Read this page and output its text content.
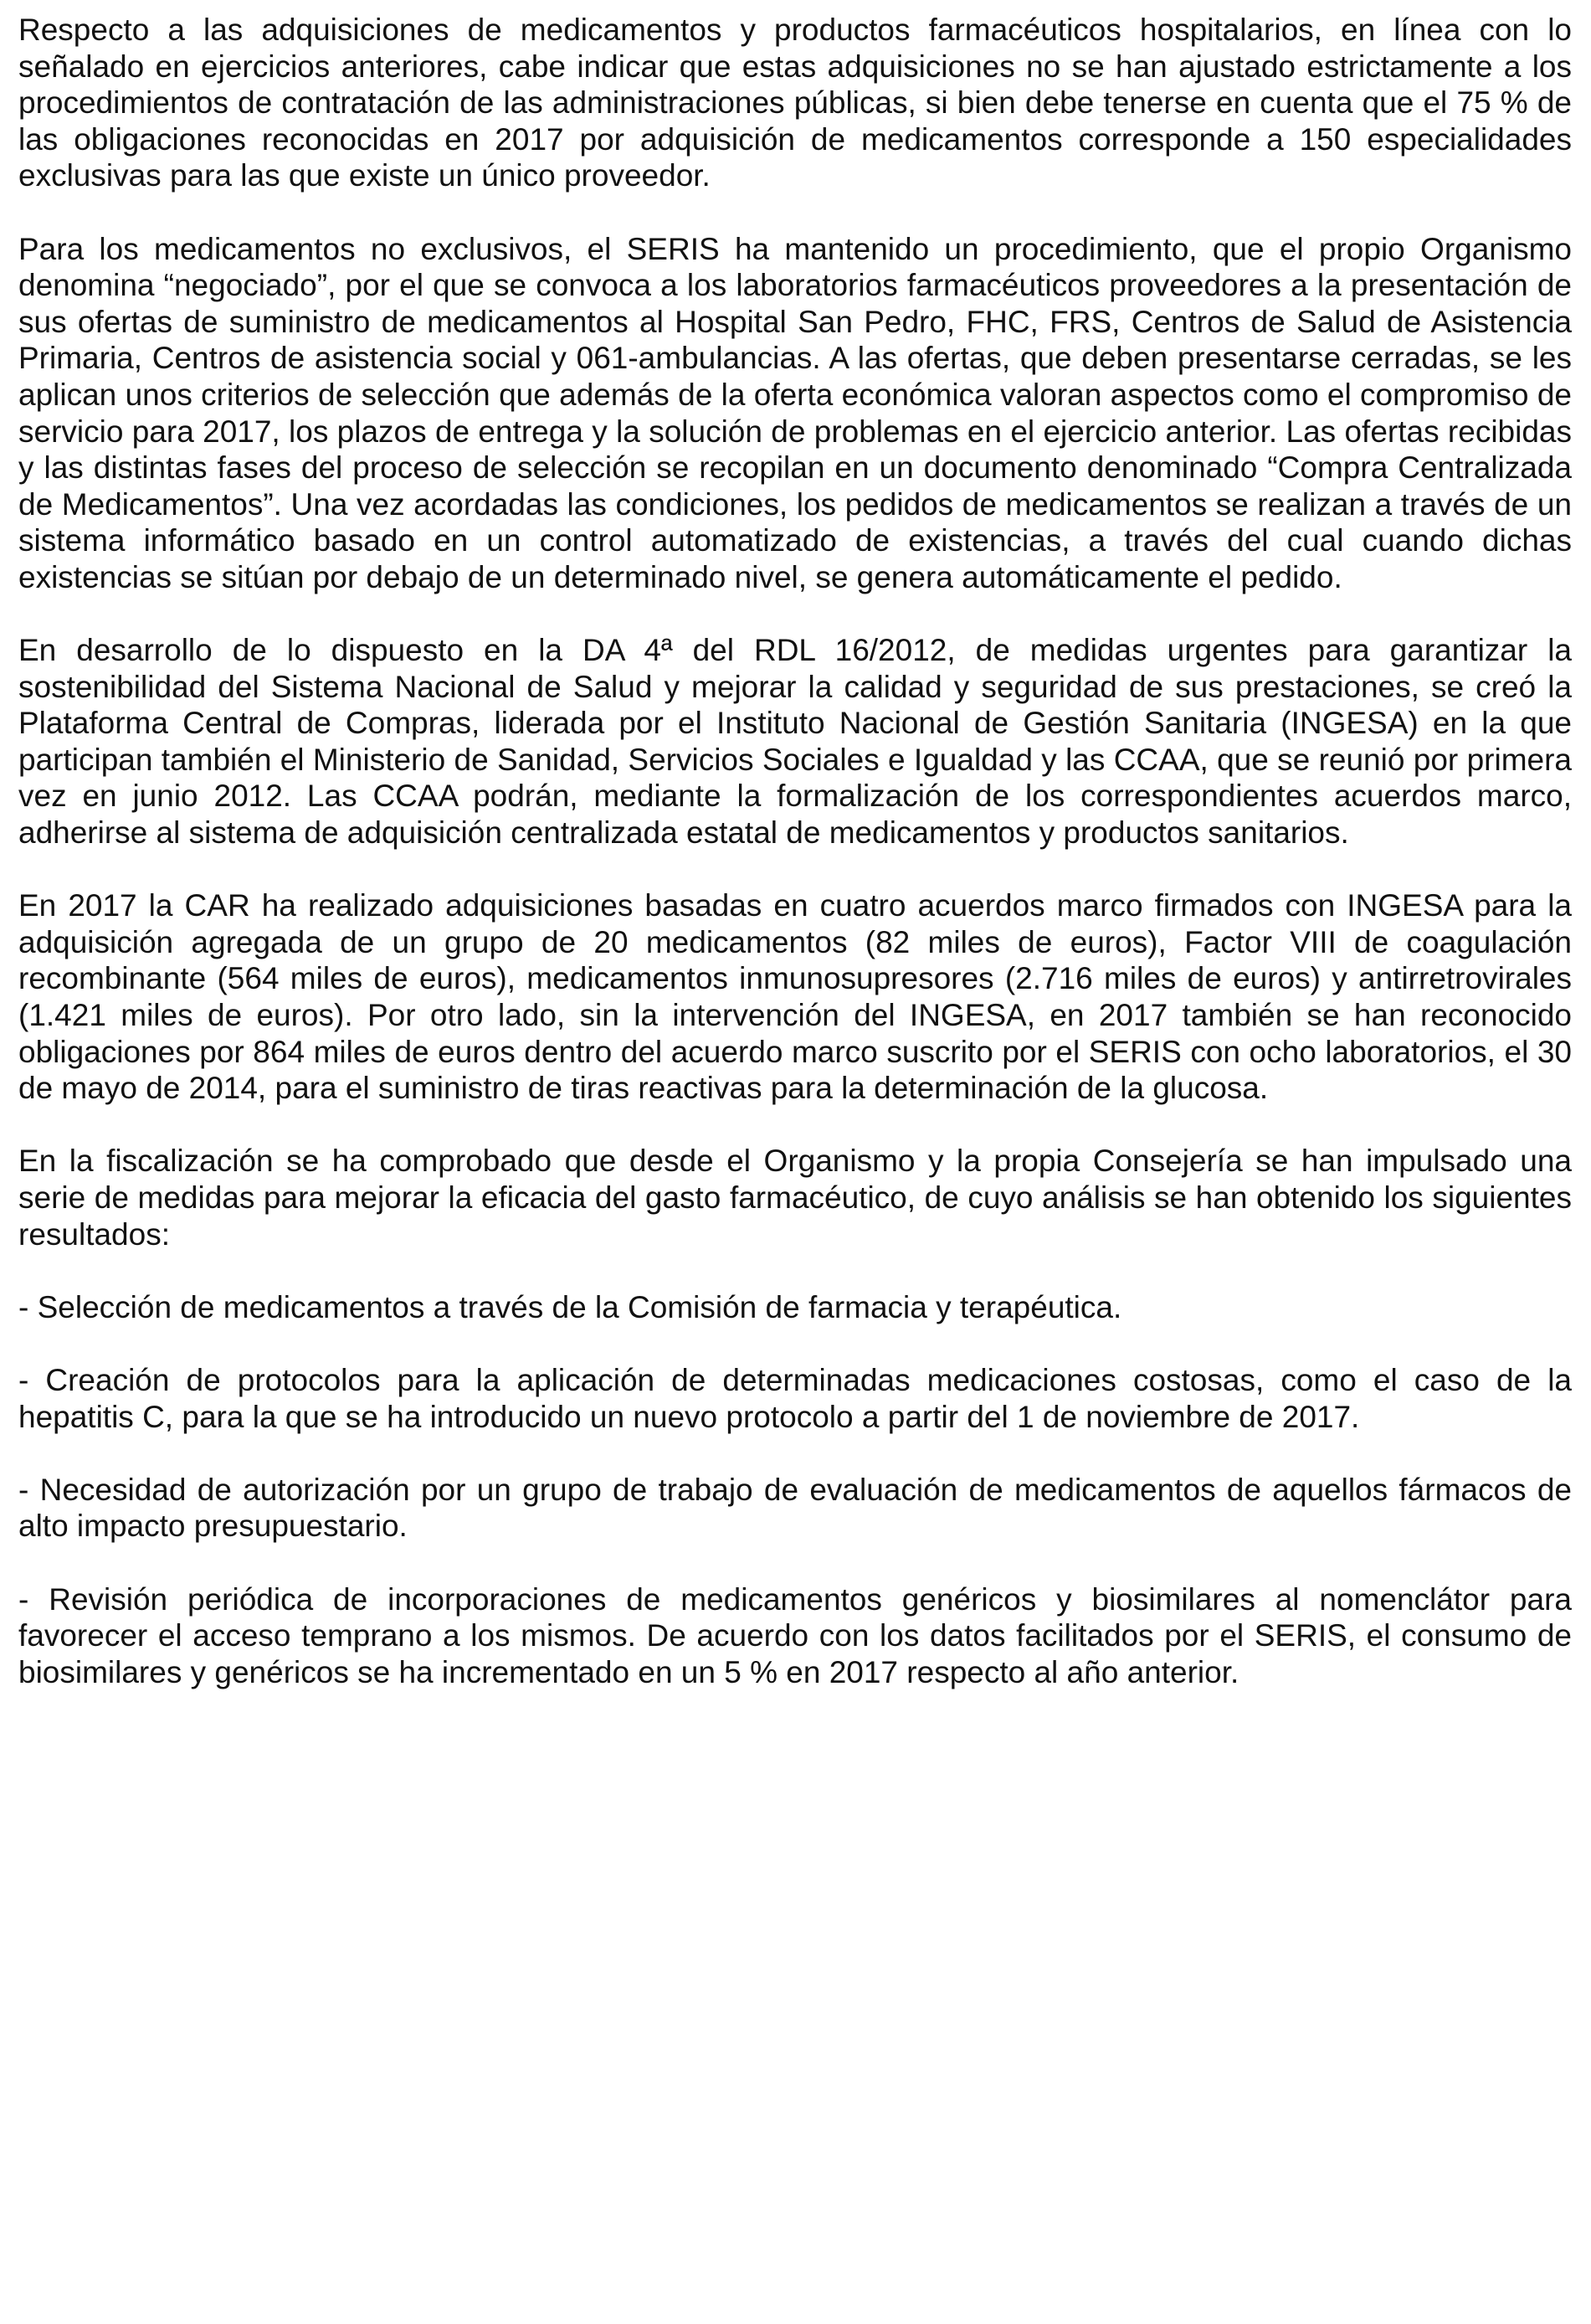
Respecto a las adquisiciones de medicamentos y productos farmacéuticos hospitalarios, en línea con lo señalado en ejercicios anteriores, cabe indicar que estas adquisiciones no se han ajustado estrictamente a los procedimientos de contratación de las administraciones públicas, si bien debe tenerse en cuenta que el 75 % de las obligaciones reconocidas en 2017 por adquisición de medicamentos corresponde a 150 especialidades exclusivas para las que existe un único proveedor.

Para los medicamentos no exclusivos, el SERIS ha mantenido un procedimiento, que el propio Organismo denomina “negociado”, por el que se convoca a los laboratorios farmacéuticos proveedores a la presentación de sus ofertas de suministro de medicamentos al Hospital San Pedro, FHC, FRS, Centros de Salud de Asistencia Primaria, Centros de asistencia social y 061-ambulancias. A las ofertas, que deben presentarse cerradas, se les aplican unos criterios de selección que además de la oferta económica valoran aspectos como el compromiso de servicio para 2017, los plazos de entrega y la solución de problemas en el ejercicio anterior. Las ofertas recibidas y las distintas fases del proceso de selección se recopilan en un documento denominado “Compra Centralizada de Medicamentos”. Una vez acordadas las condiciones, los pedidos de medicamentos se realizan a través de un sistema informático basado en un control automatizado de existencias, a través del cual cuando dichas existencias se sitúan por debajo de un determinado nivel, se genera automáticamente el pedido.

En desarrollo de lo dispuesto en la DA 4ª del RDL 16/2012, de medidas urgentes para garantizar la sostenibilidad del Sistema Nacional de Salud y mejorar la calidad y seguridad de sus prestaciones, se creó la Plataforma Central de Compras, liderada por el Instituto Nacional de Gestión Sanitaria (INGESA) en la que participan también el Ministerio de Sanidad, Servicios Sociales e Igualdad y las CCAA, que se reunió por primera vez en junio 2012. Las CCAA podrán, mediante la formalización de los correspondientes acuerdos marco, adherirse al sistema de adquisición centralizada estatal de medicamentos y productos sanitarios.

En 2017 la CAR ha realizado adquisiciones basadas en cuatro acuerdos marco firmados con INGESA para la adquisición agregada de un grupo de 20 medicamentos (82 miles de euros), Factor VIII de coagulación recombinante (564 miles de euros), medicamentos inmunosupresores (2.716 miles de euros) y antirretrovirales (1.421 miles de euros). Por otro lado, sin la intervención del INGESA, en 2017 también se han reconocido obligaciones por 864 miles de euros dentro del acuerdo marco suscrito por el SERIS con ocho laboratorios, el 30 de mayo de 2014, para el suministro de tiras reactivas para la determinación de la glucosa.

En la fiscalización se ha comprobado que desde el Organismo y la propia Consejería se han impulsado una serie de medidas para mejorar la eficacia del gasto farmacéutico, de cuyo análisis se han obtenido los siguientes resultados:

- Selección de medicamentos a través de la Comisión de farmacia y terapéutica.

- Creación de protocolos para la aplicación de determinadas medicaciones costosas, como el caso de la hepatitis C, para la que se ha introducido un nuevo protocolo a partir del 1 de noviembre de 2017.

- Necesidad de autorización por un grupo de trabajo de evaluación de medicamentos de aquellos fármacos de alto impacto presupuestario.

- Revisión periódica de incorporaciones de medicamentos genéricos y biosimilares al nomenclátor para favorecer el acceso temprano a los mismos. De acuerdo con los datos facilitados por el SERIS, el consumo de biosimilares y genéricos se ha incrementado en un 5 % en 2017 respecto al año anterior.
